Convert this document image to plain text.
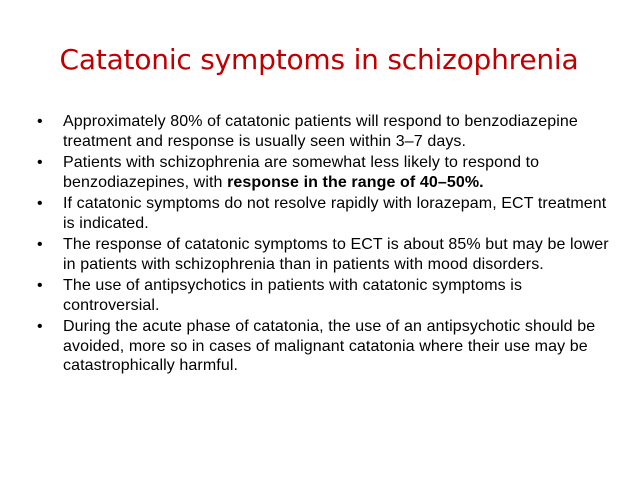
Catatonic symptoms in schizophrenia
•	Approximately 80% of catatonic patients will respond to benzodiazepine treatment and response is usually seen within 3–7 days.
•	Patients with schizophrenia are somewhat less likely to respond to benzodiazepines, with response in the range of 40–50%.
•	If catatonic symptoms do not resolve rapidly with lorazepam, ECT treatment is indicated.
•	The response of catatonic symptoms to ECT is about 85% but may be lower in patients with schizophrenia than in patients with mood disorders.
•	The use of antipsychotics in patients with catatonic symptoms is controversial.
•	During the acute phase of catatonia, the use of an antipsychotic should be avoided, more so in cases of malignant catatonia where their use may be catastrophically harmful.
